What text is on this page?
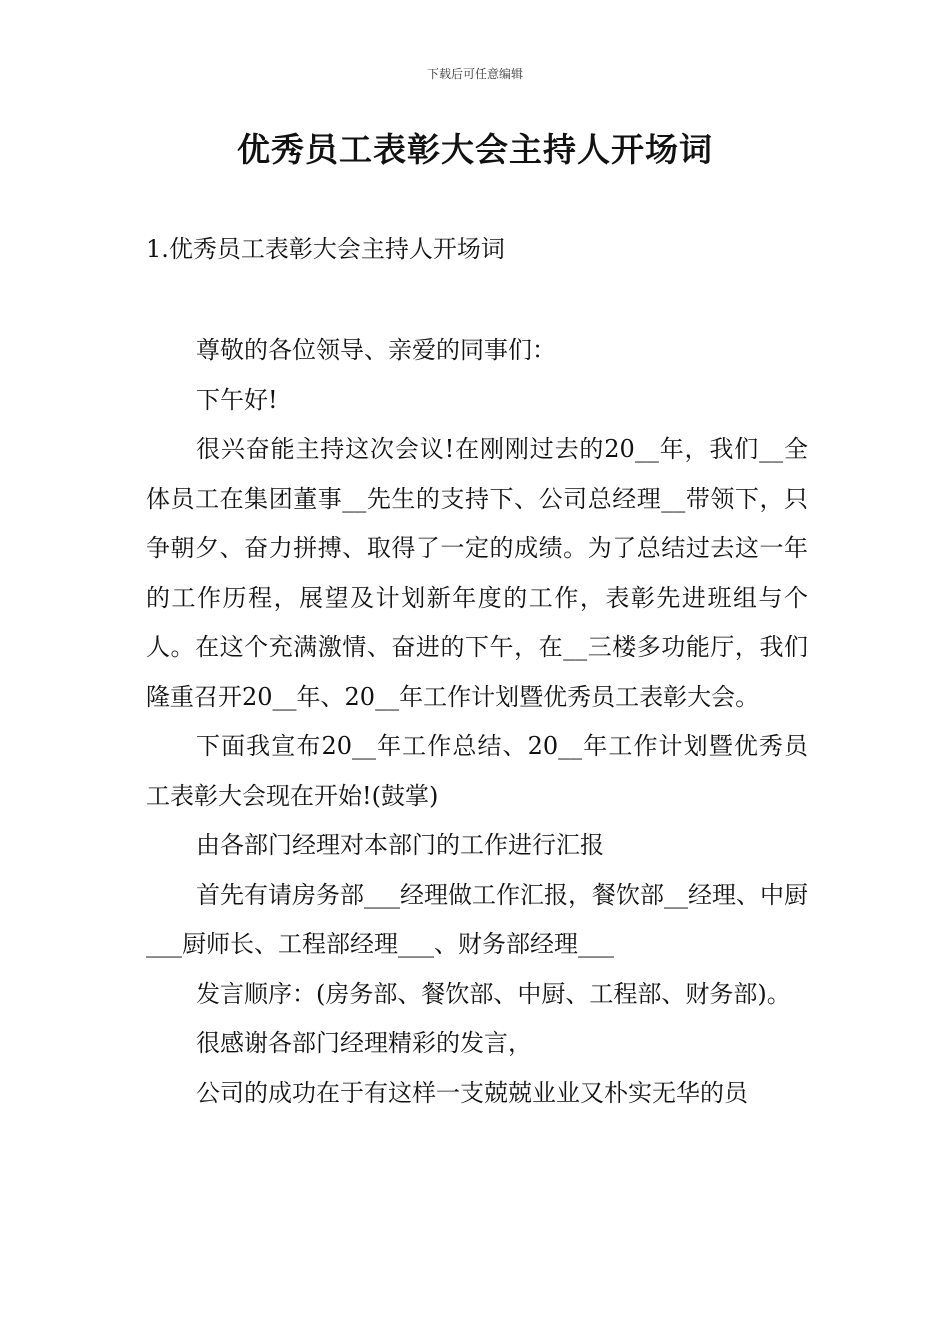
下载后可任意编辑
优秀员工表彰大会主持人开场词
1.优秀员工表彰大会主持人开场词

尊敬的各位领导、亲爱的同事们：

下午好!

很兴奋能主持这次会议!在刚刚过去的20__年，我们__全体员工在集团董事__先生的支持下、公司总经理__带领下，只争朝夕、奋力拼搏、取得了一定的成绩。为了总结过去这一年的工作历程，展望及计划新年度的工作，表彰先进班组与个人。在这个充满激情、奋进的下午，在__三楼多功能厅，我们隆重召开20__年、20__年工作计划暨优秀员工表彰大会。

下面我宣布20__年工作总结、20__年工作计划暨优秀员工表彰大会现在开始!(鼓掌)

由各部门经理对本部门的工作进行汇报

首先有请房务部___经理做工作汇报，餐饮部__经理、中厨___厨师长、工程部经理___、财务部经理___

发言顺序：(房务部、餐饮部、中厨、工程部、财务部)。

很感谢各部门经理精彩的发言，

公司的成功在于有这样一支兢兢业业又朴实无华的员
